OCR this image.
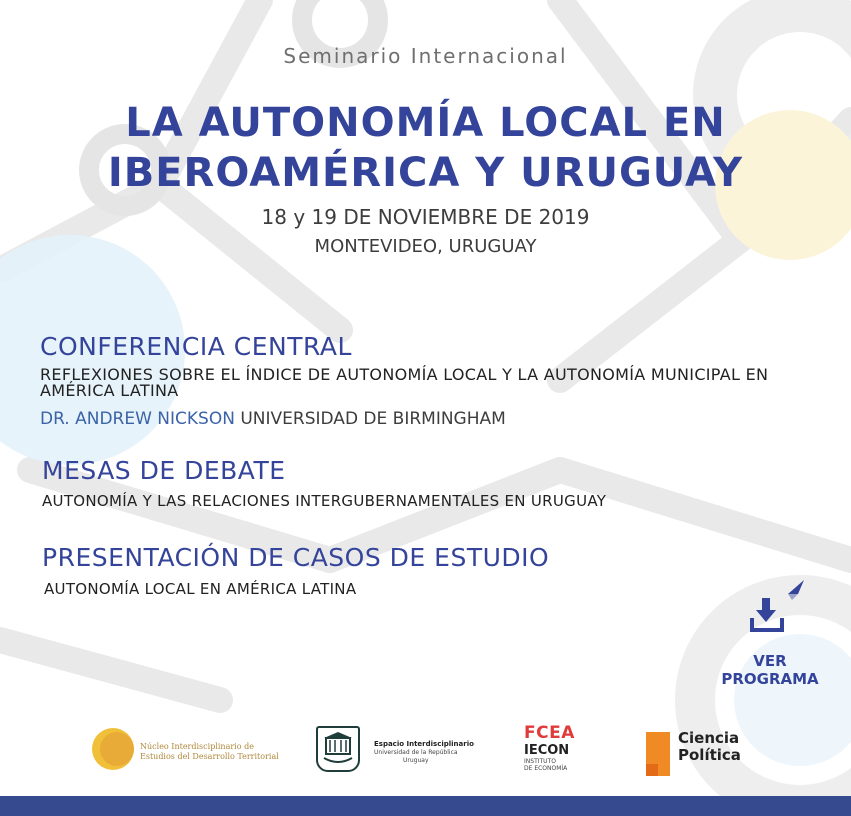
Seminario Internacional
LA AUTONOMÍA LOCAL EN
IBEROAMÉRICA Y URUGUAY
18 y 19 DE NOVIEMBRE DE 2019
MONTEVIDEO, URUGUAY
CONFERENCIA CENTRAL
REFLEXIONES SOBRE EL ÍNDICE DE AUTONOMÍA LOCAL Y LA AUTONOMÍA MUNICIPAL EN AMÉRICA LATINA
DR. ANDREW NICKSON UNIVERSIDAD DE BIRMINGHAM
MESAS DE DEBATE
AUTONOMÍA Y LAS RELACIONES INTERGUBERNAMENTALES EN URUGUAY
PRESENTACIÓN DE CASOS DE ESTUDIO
AUTONOMÍA LOCAL EN AMÉRICA LATINA
VER PROGRAMA
Núcleo Interdisciplinario de Estudios del Desarrollo Territorial
Espacio Interdisciplinario
Universidad de la República
Uruguay
FCEA
IECON
INSTITUTO
DE ECONOMÍA
Ciencia
Política
